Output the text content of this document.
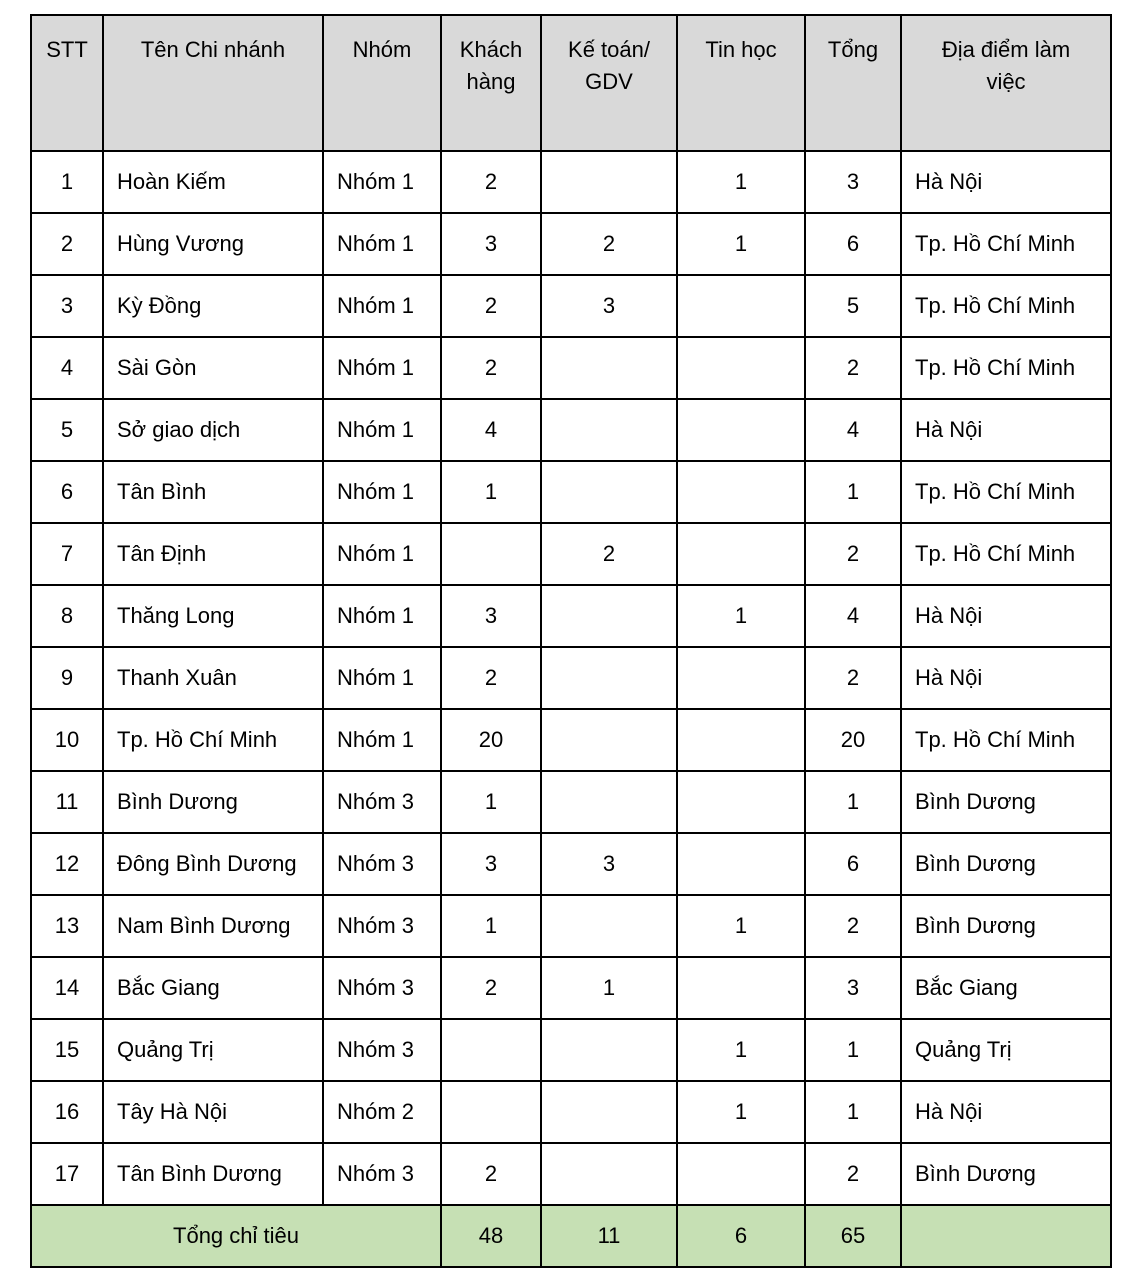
STT	Tên Chi nhánh	Nhóm	Khách hàng	Kế toán/ GDV	Tin học	Tổng	Địa điểm làm việc
1	Hoàn Kiếm	Nhóm 1	2		1	3	Hà Nội
2	Hùng Vương	Nhóm 1	3	2	1	6	Tp. Hồ Chí Minh
3	Kỳ Đồng	Nhóm 1	2	3		5	Tp. Hồ Chí Minh
4	Sài Gòn	Nhóm 1	2			2	Tp. Hồ Chí Minh
5	Sở giao dịch	Nhóm 1	4			4	Hà Nội
6	Tân Bình	Nhóm 1	1			1	Tp. Hồ Chí Minh
7	Tân Định	Nhóm 1		2		2	Tp. Hồ Chí Minh
8	Thăng Long	Nhóm 1	3		1	4	Hà Nội
9	Thanh Xuân	Nhóm 1	2			2	Hà Nội
10	Tp. Hồ Chí Minh	Nhóm 1	20			20	Tp. Hồ Chí Minh
11	Bình Dương	Nhóm 3	1			1	Bình Dương
12	Đông Bình Dương	Nhóm 3	3	3		6	Bình Dương
13	Nam Bình Dương	Nhóm 3	1		1	2	Bình Dương
14	Bắc Giang	Nhóm 3	2	1		3	Bắc Giang
15	Quảng Trị	Nhóm 3			1	1	Quảng Trị
16	Tây Hà Nội	Nhóm 2			1	1	Hà Nội
17	Tân Bình Dương	Nhóm 3	2			2	Bình Dương
Tổng chỉ tiêu			48	11	6	65	
